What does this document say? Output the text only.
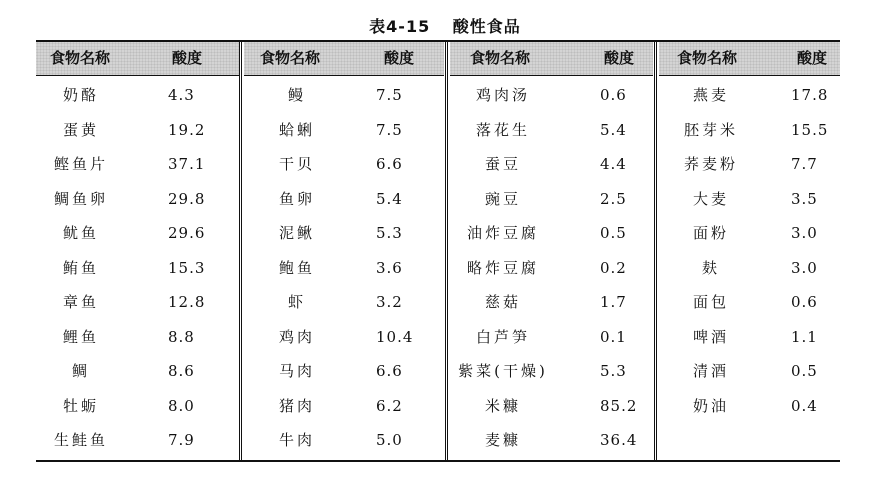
表4-15 酸性食品
食物名称	酸度
奶酪	4.3
蛋黄	19.2
鲣鱼片	37.1
鲷鱼卵	29.8
鱿鱼	29.6
鲔鱼	15.3
章鱼	12.8
鲤鱼	8.8
鲷	8.6
牡蛎	8.0
生鲑鱼	7.9
食物名称	酸度
鳗	7.5
蛤蜊	7.5
干贝	6.6
鱼卵	5.4
泥鳅	5.3
鲍鱼	3.6
虾	3.2
鸡肉	10.4
马肉	6.6
猪肉	6.2
牛肉	5.0
食物名称	酸度
鸡肉汤	0.6
落花生	5.4
蚕豆	4.4
豌豆	2.5
油炸豆腐	0.5
略炸豆腐	0.2
慈菇	1.7
白芦笋	0.1
紫菜(干燥)	5.3
米糠	85.2
麦糠	36.4
食物名称	酸度
燕麦	17.8
胚芽米	15.5
荞麦粉	7.7
大麦	3.5
面粉	3.0
麸	3.0
面包	0.6
啤酒	1.1
清酒	0.5
奶油	0.4
